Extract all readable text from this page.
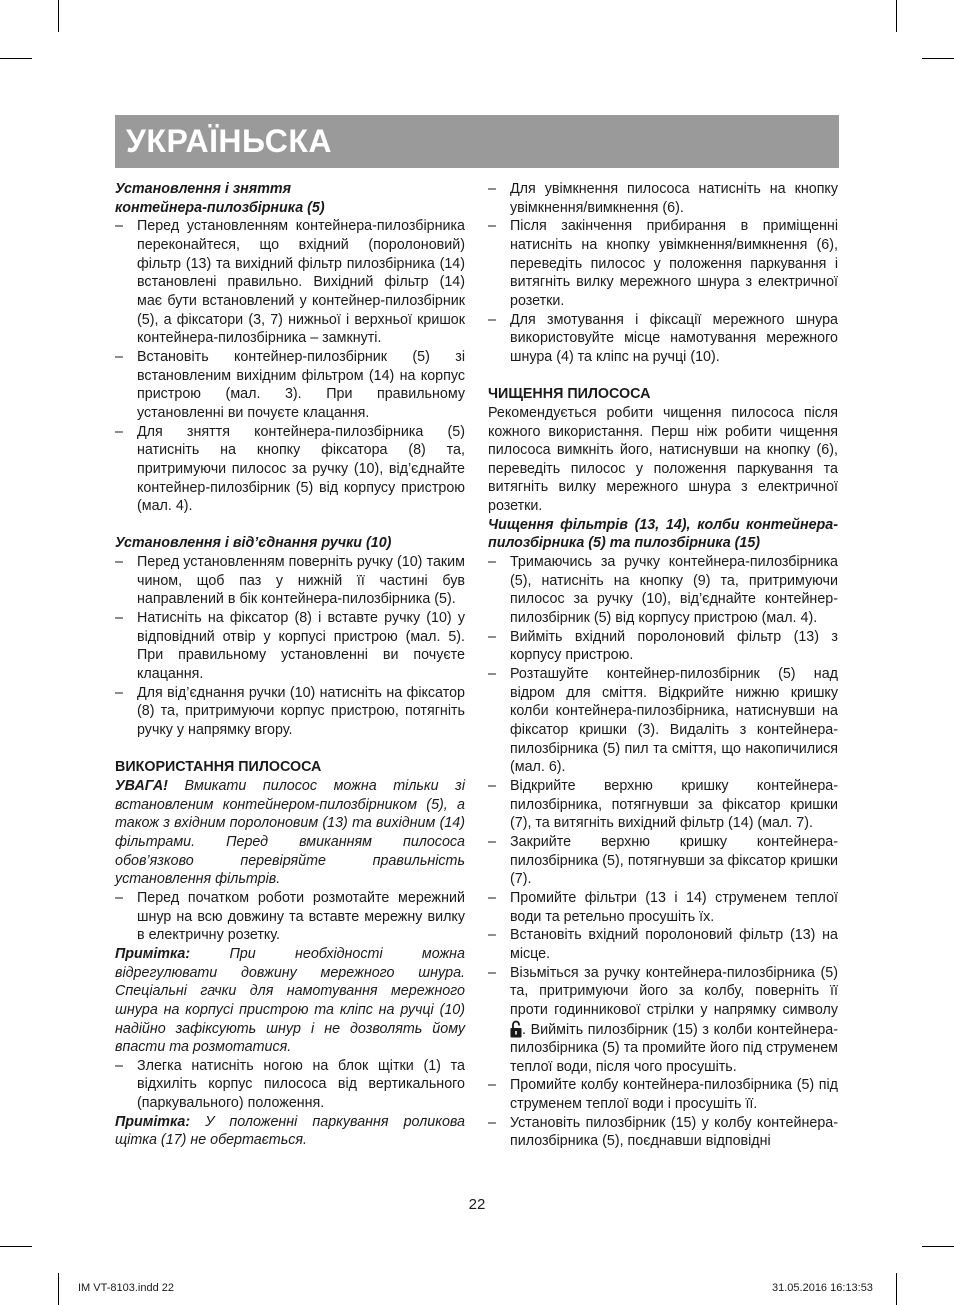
УКРАЇНЬСКА

Установлення і зняття

контейнера-пилозбірника (5)

– Перед установленням контейнера-пилозбірника переконайтеся, що вхідний (поролоновий) фільтр (13) та вихідний фільтр пилозбірника (14) встановлені правильно. Вихідний фільтр (14) має бути встановлений у контейнер-пилозбірник (5), а фіксатори (3, 7) нижньої і верхньої кришок контейнера-пилозбірника – замкнуті.

– Встановіть контейнер-пилозбірник (5) зі встановленим вихідним фільтром (14) на корпус пристрою (мал. 3). При правильному установленні ви почуєте клацання.

– Для зняття контейнера-пилозбірника (5) натисніть на кнопку фіксатора (8) та, притримуючи пилосос за ручку (10), від’єднайте контейнер-пилозбірник (5) від корпусу пристрою (мал. 4).

Установлення і від’єднання ручки (10)

– Перед установленням поверніть ручку (10) таким чином, щоб паз у нижній її частині був направлений в бік контейнера-пилозбірника (5).

– Натисніть на фіксатор (8) і вставте ручку (10) у відповідний отвір у корпусі пристрою (мал. 5). При правильному установленні ви почуєте клацання.

– Для від’єднання ручки (10) натисніть на фіксатор (8) та, притримуючи корпус пристрою, потягніть ручку у напрямку вгору.

ВИКОРИСТАННЯ ПИЛОСОСА

УВАГА! Вмикати пилосос можна тільки зі встановленим контейнером-пилозбірником (5), а також з вхідним поролоновим (13) та вихідним (14) фільтрами. Перед вмиканням пилососа обов’язково перевіряйте правильність установлення фільтрів.

– Перед початком роботи розмотайте мережний шнур на всю довжину та вставте мережну вилку в електричну розетку.

Примітка: При необхідності можна відрегулювати довжину мережного шнура. Спеціальні гачки для намотування мережного шнура на корпусі пристрою та кліпс на ручці (10) надійно зафіксують шнур і не дозволять йому впасти та розмотатися.

– Злегка натисніть ногою на блок щітки (1) та відхиліть корпус пилососа від вертикального (паркувального) положення.

Примітка: У положенні паркування роликова щітка (17) не обертається.

– Для увімкнення пилососа натисніть на кнопку увімкнення/вимкнення (6).

– Після закінчення прибирання в приміщенні натисніть на кнопку увімкнення/вимкнення (6), переведіть пилосос у положення паркування і витягніть вилку мережного шнура з електричної розетки.

– Для змотування і фіксації мережного шнура використовуйте місце намотування мережного шнура (4) та кліпс на ручці (10).

ЧИЩЕННЯ ПИЛОСОСА

Рекомендується робити чищення пилососа після кожного використання. Перш ніж робити чищення пилососа вимкніть його, натиснувши на кнопку (6), переведіть пилосос у положення паркування та витягніть вилку мережного шнура з електричної розетки.

Чищення фільтрів (13, 14), колби контейнера-пилозбірника (5) та пилозбірника (15)

– Тримаючись за ручку контейнера-пилозбірника (5), натисніть на кнопку (9) та, притримуючи пилосос за ручку (10), від’єднайте контейнер-пилозбірник (5) від корпусу пристрою (мал. 4).

– Вийміть вхідний поролоновий фільтр (13) з корпусу пристрою.

– Розташуйте контейнер-пилозбірник (5) над відром для сміття. Відкрийте нижню кришку колби контейнера-пилозбірника, натиснувши на фіксатор кришки (3). Видаліть з контейнера-пилозбірника (5) пил та сміття, що накопичилися (мал. 6).

– Відкрийте верхню кришку контейнера-пилозбірника, потягнувши за фіксатор кришки (7), та витягніть вихідний фільтр (14) (мал. 7).

– Закрийте верхню кришку контейнера-пилозбірника (5), потягнувши за фіксатор кришки (7).

– Промийте фільтри (13 і 14) струменем теплої води та ретельно просушіть їх.

– Встановіть вхідний поролоновий фільтр (13) на місце.

– Візьміться за ручку контейнера-пилозбірника (5) та, притримуючи його за колбу, поверніть її проти годинникової стрілки у напрямку символу . Вийміть пилозбірник (15) з колби контейнера-пилозбірника (5) та промийте його під струменем теплої води, після чого просушіть.

– Промийте колбу контейнера-пилозбірника (5) під струменем теплої води і просушіть її.

– Установіть пилозбірник (15) у колбу контейнера-пилозбірника (5), поєднавши відповідні

22
IM VT-8103.indd 22	31.05.2016 16:13:53
